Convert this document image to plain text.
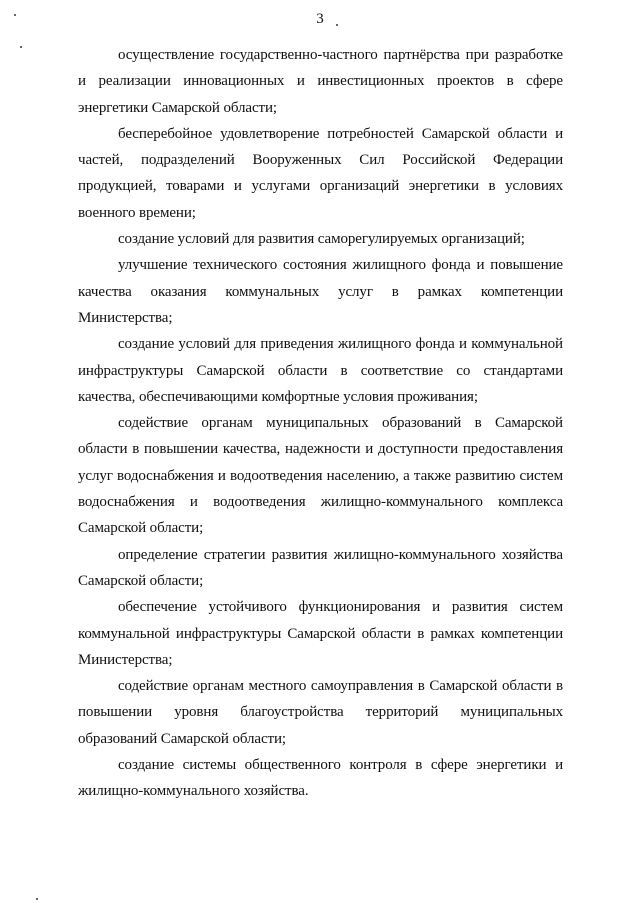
3

осуществление государственно-частного партнёрства при разработке и реализации инновационных и инвестиционных проектов в сфере энергетики Самарской области;

бесперебойное удовлетворение потребностей Самарской области и частей, подразделений Вооруженных Сил Российской Федерации продукцией, товарами и услугами организаций энергетики в условиях военного времени;

создание условий для развития саморегулируемых организаций;

улучшение технического состояния жилищного фонда и повышение качества оказания коммунальных услуг в рамках компетенции Министерства;

создание условий для приведения жилищного фонда и коммунальной инфраструктуры Самарской области в соответствие со стандартами качества, обеспечивающими комфортные условия проживания;

содействие органам муниципальных образований в Самарской области в повышении качества, надежности и доступности предоставления услуг водоснабжения и водоотведения населению, а также развитию систем водоснабжения и водоотведения жилищно-коммунального комплекса Самарской области;

определение стратегии развития жилищно-коммунального хозяйства Самарской области;

обеспечение устойчивого функционирования и развития систем коммунальной инфраструктуры Самарской области в рамках компетенции Министерства;

содействие органам местного самоуправления в Самарской области в повышении уровня благоустройства территорий муниципальных образований Самарской области;

создание системы общественного контроля в сфере энергетики и жилищно-коммунального хозяйства.
